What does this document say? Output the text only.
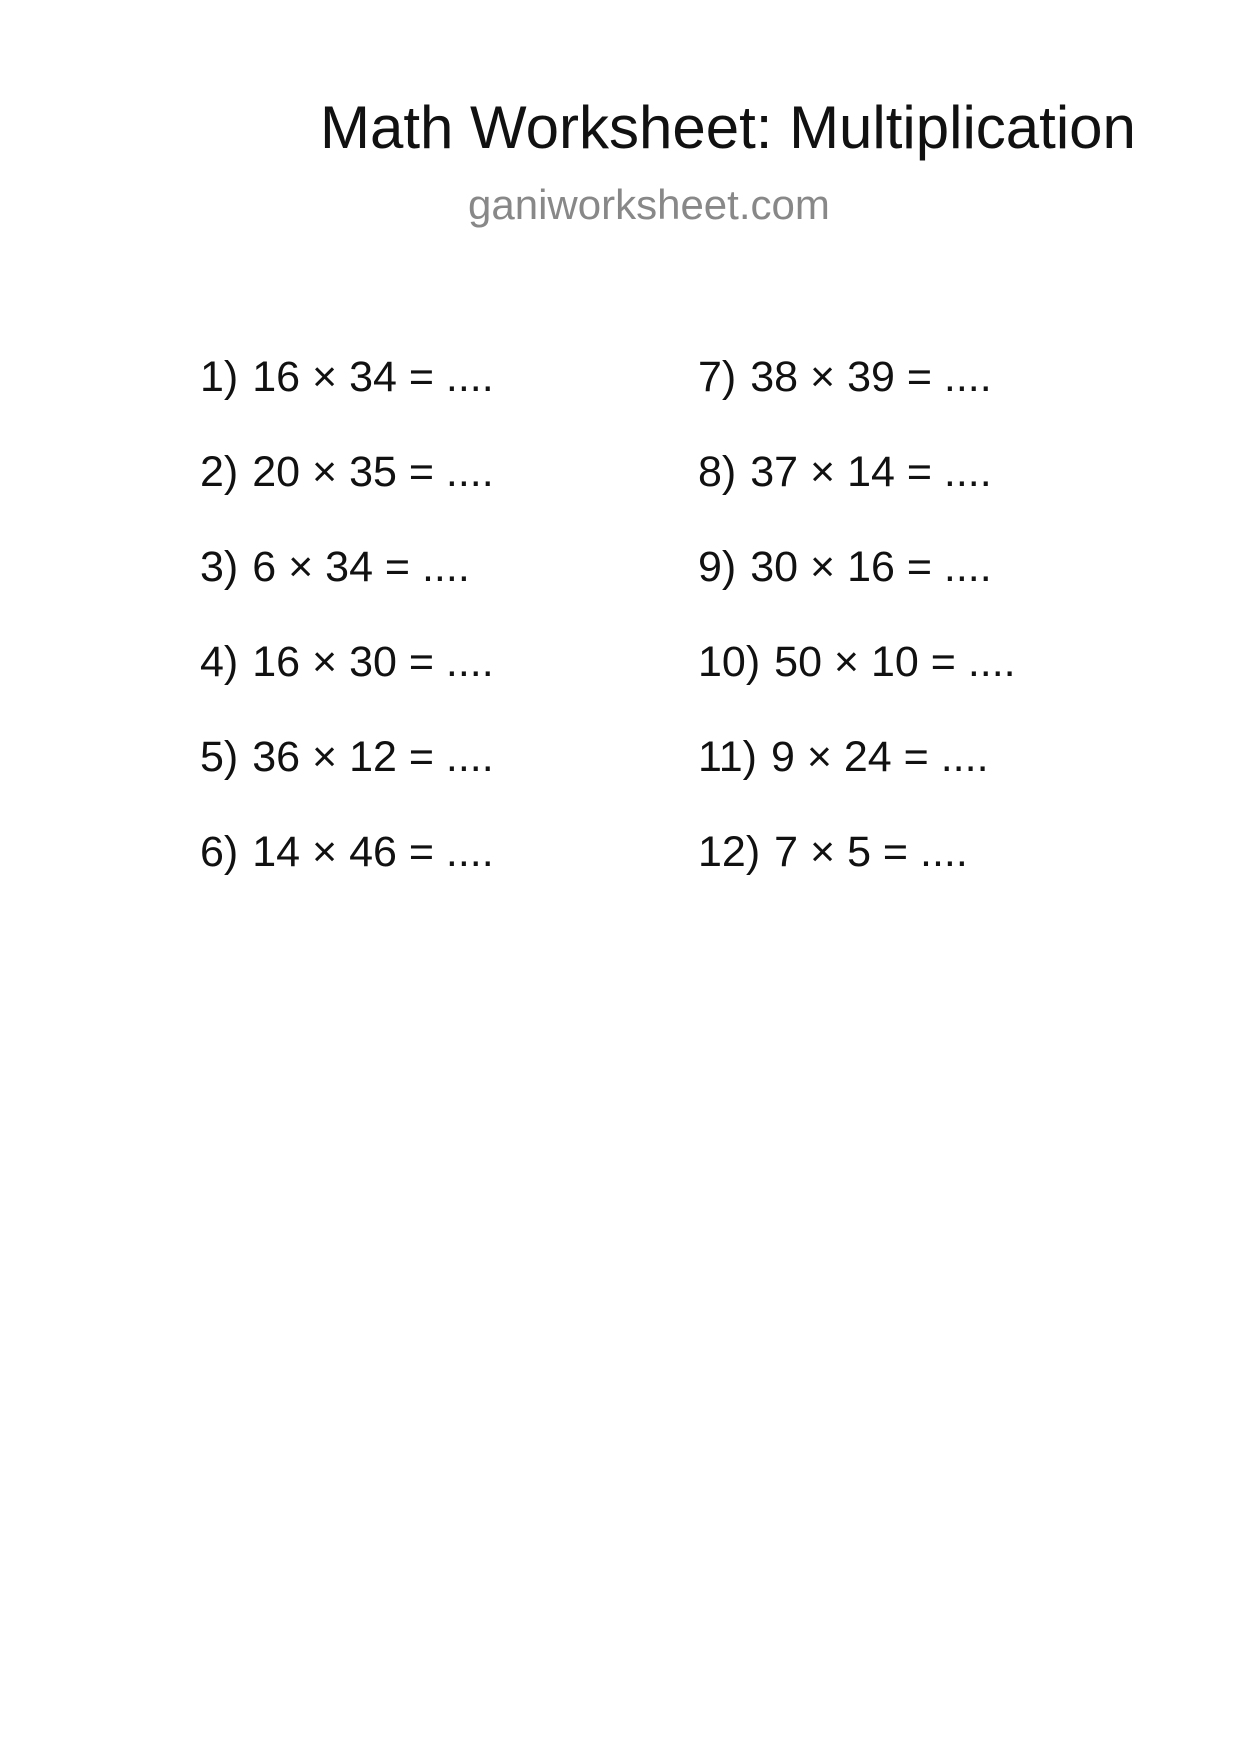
Math Worksheet: Multiplication
ganiworksheet.com
1) 16 × 34 = ....
2) 20 × 35 = ....
3) 6 × 34 = ....
4) 16 × 30 = ....
5) 36 × 12 = ....
6) 14 × 46 = ....
7) 38 × 39 = ....
8) 37 × 14 = ....
9) 30 × 16 = ....
10) 50 × 10 = ....
11) 9 × 24 = ....
12) 7 × 5 = ....
